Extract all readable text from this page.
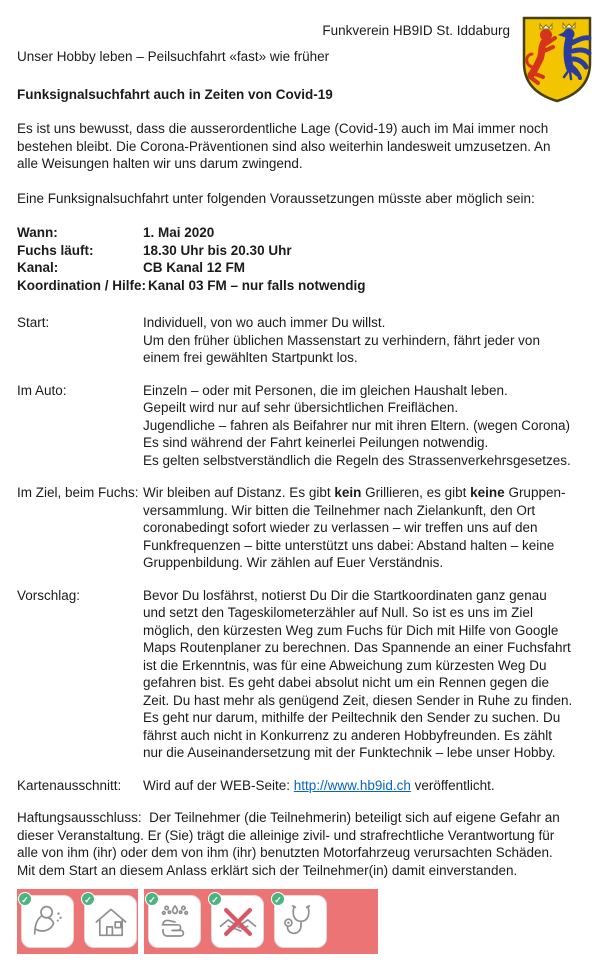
Funkverein HB9ID St. Iddaburg
Unser Hobby leben – Peilsuchfahrt «fast» wie früher
Funksignalsuchfahrt auch in Zeiten von Covid-19
Es ist uns bewusst, dass die ausserordentliche Lage (Covid-19) auch im Mai immer noch
bestehen bleibt. Die Corona-Präventionen sind also weiterhin landesweit umzusetzen. An
alle Weisungen halten wir uns darum zwingend.
Eine Funksignalsuchfahrt unter folgenden Voraussetzungen müsste aber möglich sein:
Wann:	1. Mai 2020
Fuchs läuft:	18.30 Uhr bis 20.30 Uhr
Kanal:	CB Kanal 12 FM
Koordination / Hilfe: Kanal 03 FM – nur falls notwendig
Start:	Individuell, von wo auch immer Du willst.
Um den früher üblichen Massenstart zu verhindern, fährt jeder von
einem frei gewählten Startpunkt los.
Im Auto:	Einzeln – oder mit Personen, die im gleichen Haushalt leben.
Gepeilt wird nur auf sehr übersichtlichen Freiflächen.
Jugendliche – fahren als Beifahrer nur mit ihren Eltern. (wegen Corona)
Es sind während der Fahrt keinerlei Peilungen notwendig.
Es gelten selbstverständlich die Regeln des Strassenverkehrsgesetzes.
Im Ziel, beim Fuchs: Wir bleiben auf Distanz. Es gibt kein Grillieren, es gibt keine Gruppen-
versammlung. Wir bitten die Teilnehmer nach Zielankunft, den Ort
coronabedingt sofort wieder zu verlassen – wir treffen uns auf den
Funkfrequenzen – bitte unterstützt uns dabei: Abstand halten – keine
Gruppenbildung. Wir zählen auf Euer Verständnis.
Vorschlag:	Bevor Du losfährst, notierst Du Dir die Startkoordinaten ganz genau
und setzt den Tageskilometerzähler auf Null. So ist es uns im Ziel
möglich, den kürzesten Weg zum Fuchs für Dich mit Hilfe von Google
Maps Routenplaner zu berechnen. Das Spannende an einer Fuchsfahrt
ist die Erkenntnis, was für eine Abweichung zum kürzesten Weg Du
gefahren bist. Es geht dabei absolut nicht um ein Rennen gegen die
Zeit. Du hast mehr als genügend Zeit, diesen Sender in Ruhe zu finden.
Es geht nur darum, mithilfe der Peiltechnik den Sender zu suchen. Du
fährst auch nicht in Konkurrenz zu anderen Hobbyfreunden. Es zählt
nur die Auseinandersetzung mit der Funktechnik – lebe unser Hobby.
Kartenausschnitt:	Wird auf der WEB-Seite: http://www.hb9id.ch veröffentlicht.
Haftungsausschluss:  Der Teilnehmer (die Teilnehmerin) beteiligt sich auf eigene Gefahr an
dieser Veranstaltung. Er (Sie) trägt die alleinige zivil- und strafrechtliche Verantwortung für
alle von ihm (ihr) oder dem von ihm (ihr) benutzten Motorfahrzeug verursachten Schäden.
Mit dem Start an diesem Anlass erklärt sich der Teilnehmer(in) damit einverstanden.
✓	✓	✓	✓	✓
